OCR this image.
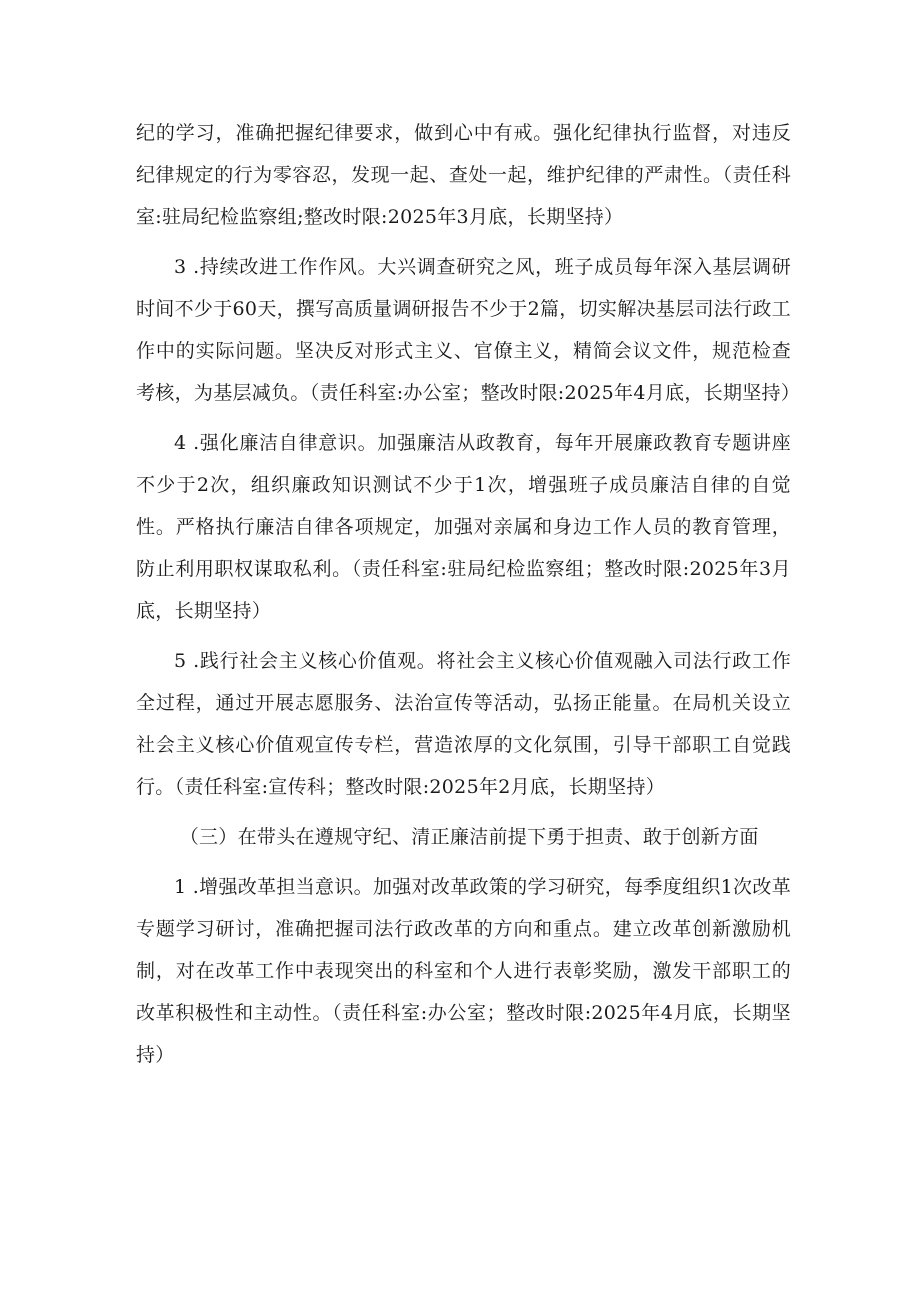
纪的学习，准确把握纪律要求，做到心中有戒。强化纪律执行监督，对违反纪律规定的行为零容忍，发现一起、查处一起，维护纪律的严肃性。（责任科室:驻局纪检监察组;整改时限:2025年3月底，长期坚持）

3 .持续改进工作作风。大兴调查研究之风，班子成员每年深入基层调研时间不少于60天，撰写高质量调研报告不少于2篇，切实解决基层司法行政工作中的实际问题。坚决反对形式主义、官僚主义，精简会议文件，规范检查考核，为基层减负。（责任科室:办公室；整改时限:2025年4月底，长期坚持）

4 .强化廉洁自律意识。加强廉洁从政教育，每年开展廉政教育专题讲座不少于2次，组织廉政知识测试不少于1次，增强班子成员廉洁自律的自觉性。严格执行廉洁自律各项规定，加强对亲属和身边工作人员的教育管理，防止利用职权谋取私利。（责任科室:驻局纪检监察组；整改时限:2025年3月底，长期坚持）

5 .践行社会主义核心价值观。将社会主义核心价值观融入司法行政工作全过程，通过开展志愿服务、法治宣传等活动，弘扬正能量。在局机关设立社会主义核心价值观宣传专栏，营造浓厚的文化氛围，引导干部职工自觉践行。（责任科室:宣传科；整改时限:2025年2月底，长期坚持）

（三）在带头在遵规守纪、清正廉洁前提下勇于担责、敢于创新方面

1 .增强改革担当意识。加强对改革政策的学习研究，每季度组织1次改革专题学习研讨，准确把握司法行政改革的方向和重点。建立改革创新激励机制，对在改革工作中表现突出的科室和个人进行表彰奖励，激发干部职工的改革积极性和主动性。（责任科室:办公室；整改时限:2025年4月底，长期坚持）
